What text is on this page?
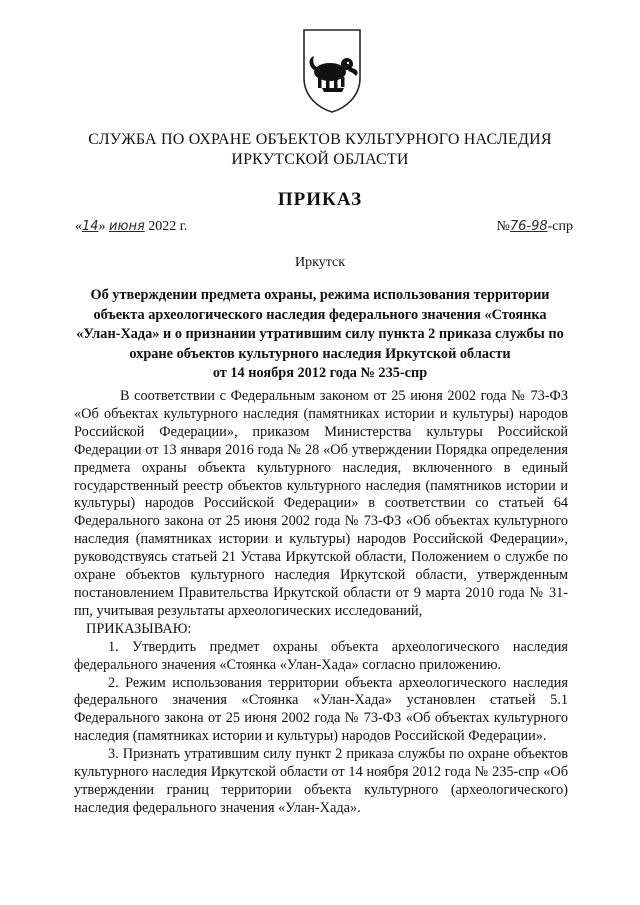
СЛУЖБА ПО ОХРАНЕ ОБЪЕКТОВ КУЛЬТУРНОГО НАСЛЕДИЯ
ИРКУТСКОЙ ОБЛАСТИ
ПРИКАЗ
«14» июня 2022 г.	№76-98-спр
Иркутск
Об утверждении предмета охраны, режима использования территории
объекта археологического наследия федерального значения «Стоянка
«Улан-Хада» и о признании утратившим силу пункта 2 приказа службы по
охране объектов культурного наследия Иркутской области
от 14 ноября 2012 года № 235-спр

В соответствии с Федеральным законом от 25 июня 2002 года № 73-ФЗ «Об объектах культурного наследия (памятниках истории и культуры) народов Российской Федерации», приказом Министерства культуры Российской Федерации от 13 января 2016 года № 28 «Об утверждении Порядка определения предмета охраны объекта культурного наследия, включенного в единый государственный реестр объектов культурного наследия (памятников истории и культуры) народов Российской Федерации» в соответствии со статьей 64 Федерального закона от 25 июня 2002 года № 73-ФЗ «Об объектах культурного наследия (памятниках истории и культуры) народов Российской Федерации», руководствуясь статьей 21 Устава Иркутской области, Положением о службе по охране объектов культурного наследия Иркутской области, утвержденным постановлением Правительства Иркутской области от 9 марта 2010 года № 31-пп, учитывая результаты археологических исследований,

ПРИКАЗЫВАЮ:

1. Утвердить предмет охраны объекта археологического наследия федерального значения «Стоянка «Улан-Хада» согласно приложению.

2. Режим использования территории объекта археологического наследия федерального значения «Стоянка «Улан-Хада» установлен статьей 5.1 Федерального закона от 25 июня 2002 года № 73-ФЗ «Об объектах культурного наследия (памятниках истории и культуры) народов Российской Федерации».

3. Признать утратившим силу пункт 2 приказа службы по охране объектов культурного наследия Иркутской области от 14 ноября 2012 года № 235-спр «Об утверждении границ территории объекта культурного (археологического) наследия федерального значения «Улан-Хада».
